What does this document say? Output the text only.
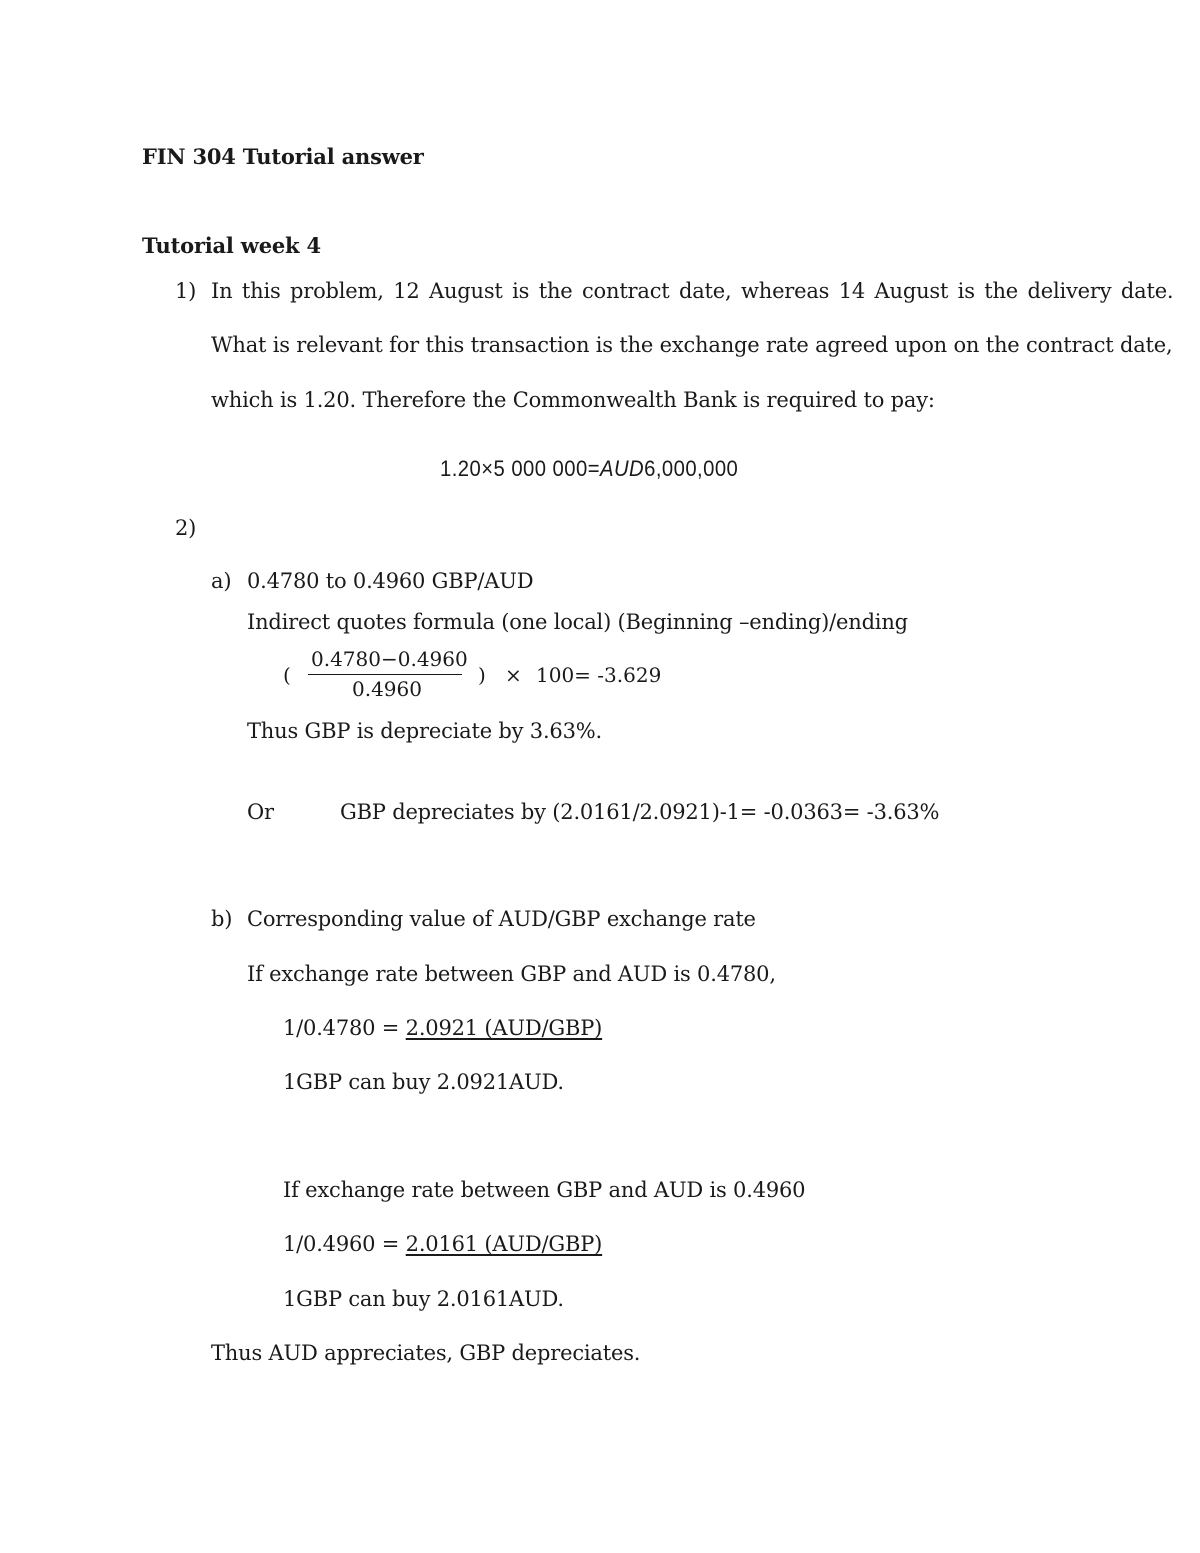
FIN 304 Tutorial answer
Tutorial week 4
1) In this problem, 12 August is the contract date, whereas 14 August is the delivery date.
What is relevant for this transaction is the exchange rate agreed upon on the contract date,
which is 1.20. Therefore the Commonwealth Bank is required to pay:
1.20×5 000 000=AUD6,000,000
2)
a) 0.4780 to 0.4960 GBP/AUD
Indirect quotes formula (one local) (Beginning –ending)/ending
(
0.4780−0.4960
0.4960
) × 100= -3.629
Thus GBP is depreciate by 3.63%.
Or	GBP depreciates by (2.0161/2.0921)-1= -0.0363= -3.63%
b) Corresponding value of AUD/GBP exchange rate
If exchange rate between GBP and AUD is 0.4780,
1/0.4780 = 2.0921 (AUD/GBP)
1GBP can buy 2.0921AUD.
If exchange rate between GBP and AUD is 0.4960
1/0.4960 = 2.0161 (AUD/GBP)
1GBP can buy 2.0161AUD.
Thus AUD appreciates, GBP depreciates.
